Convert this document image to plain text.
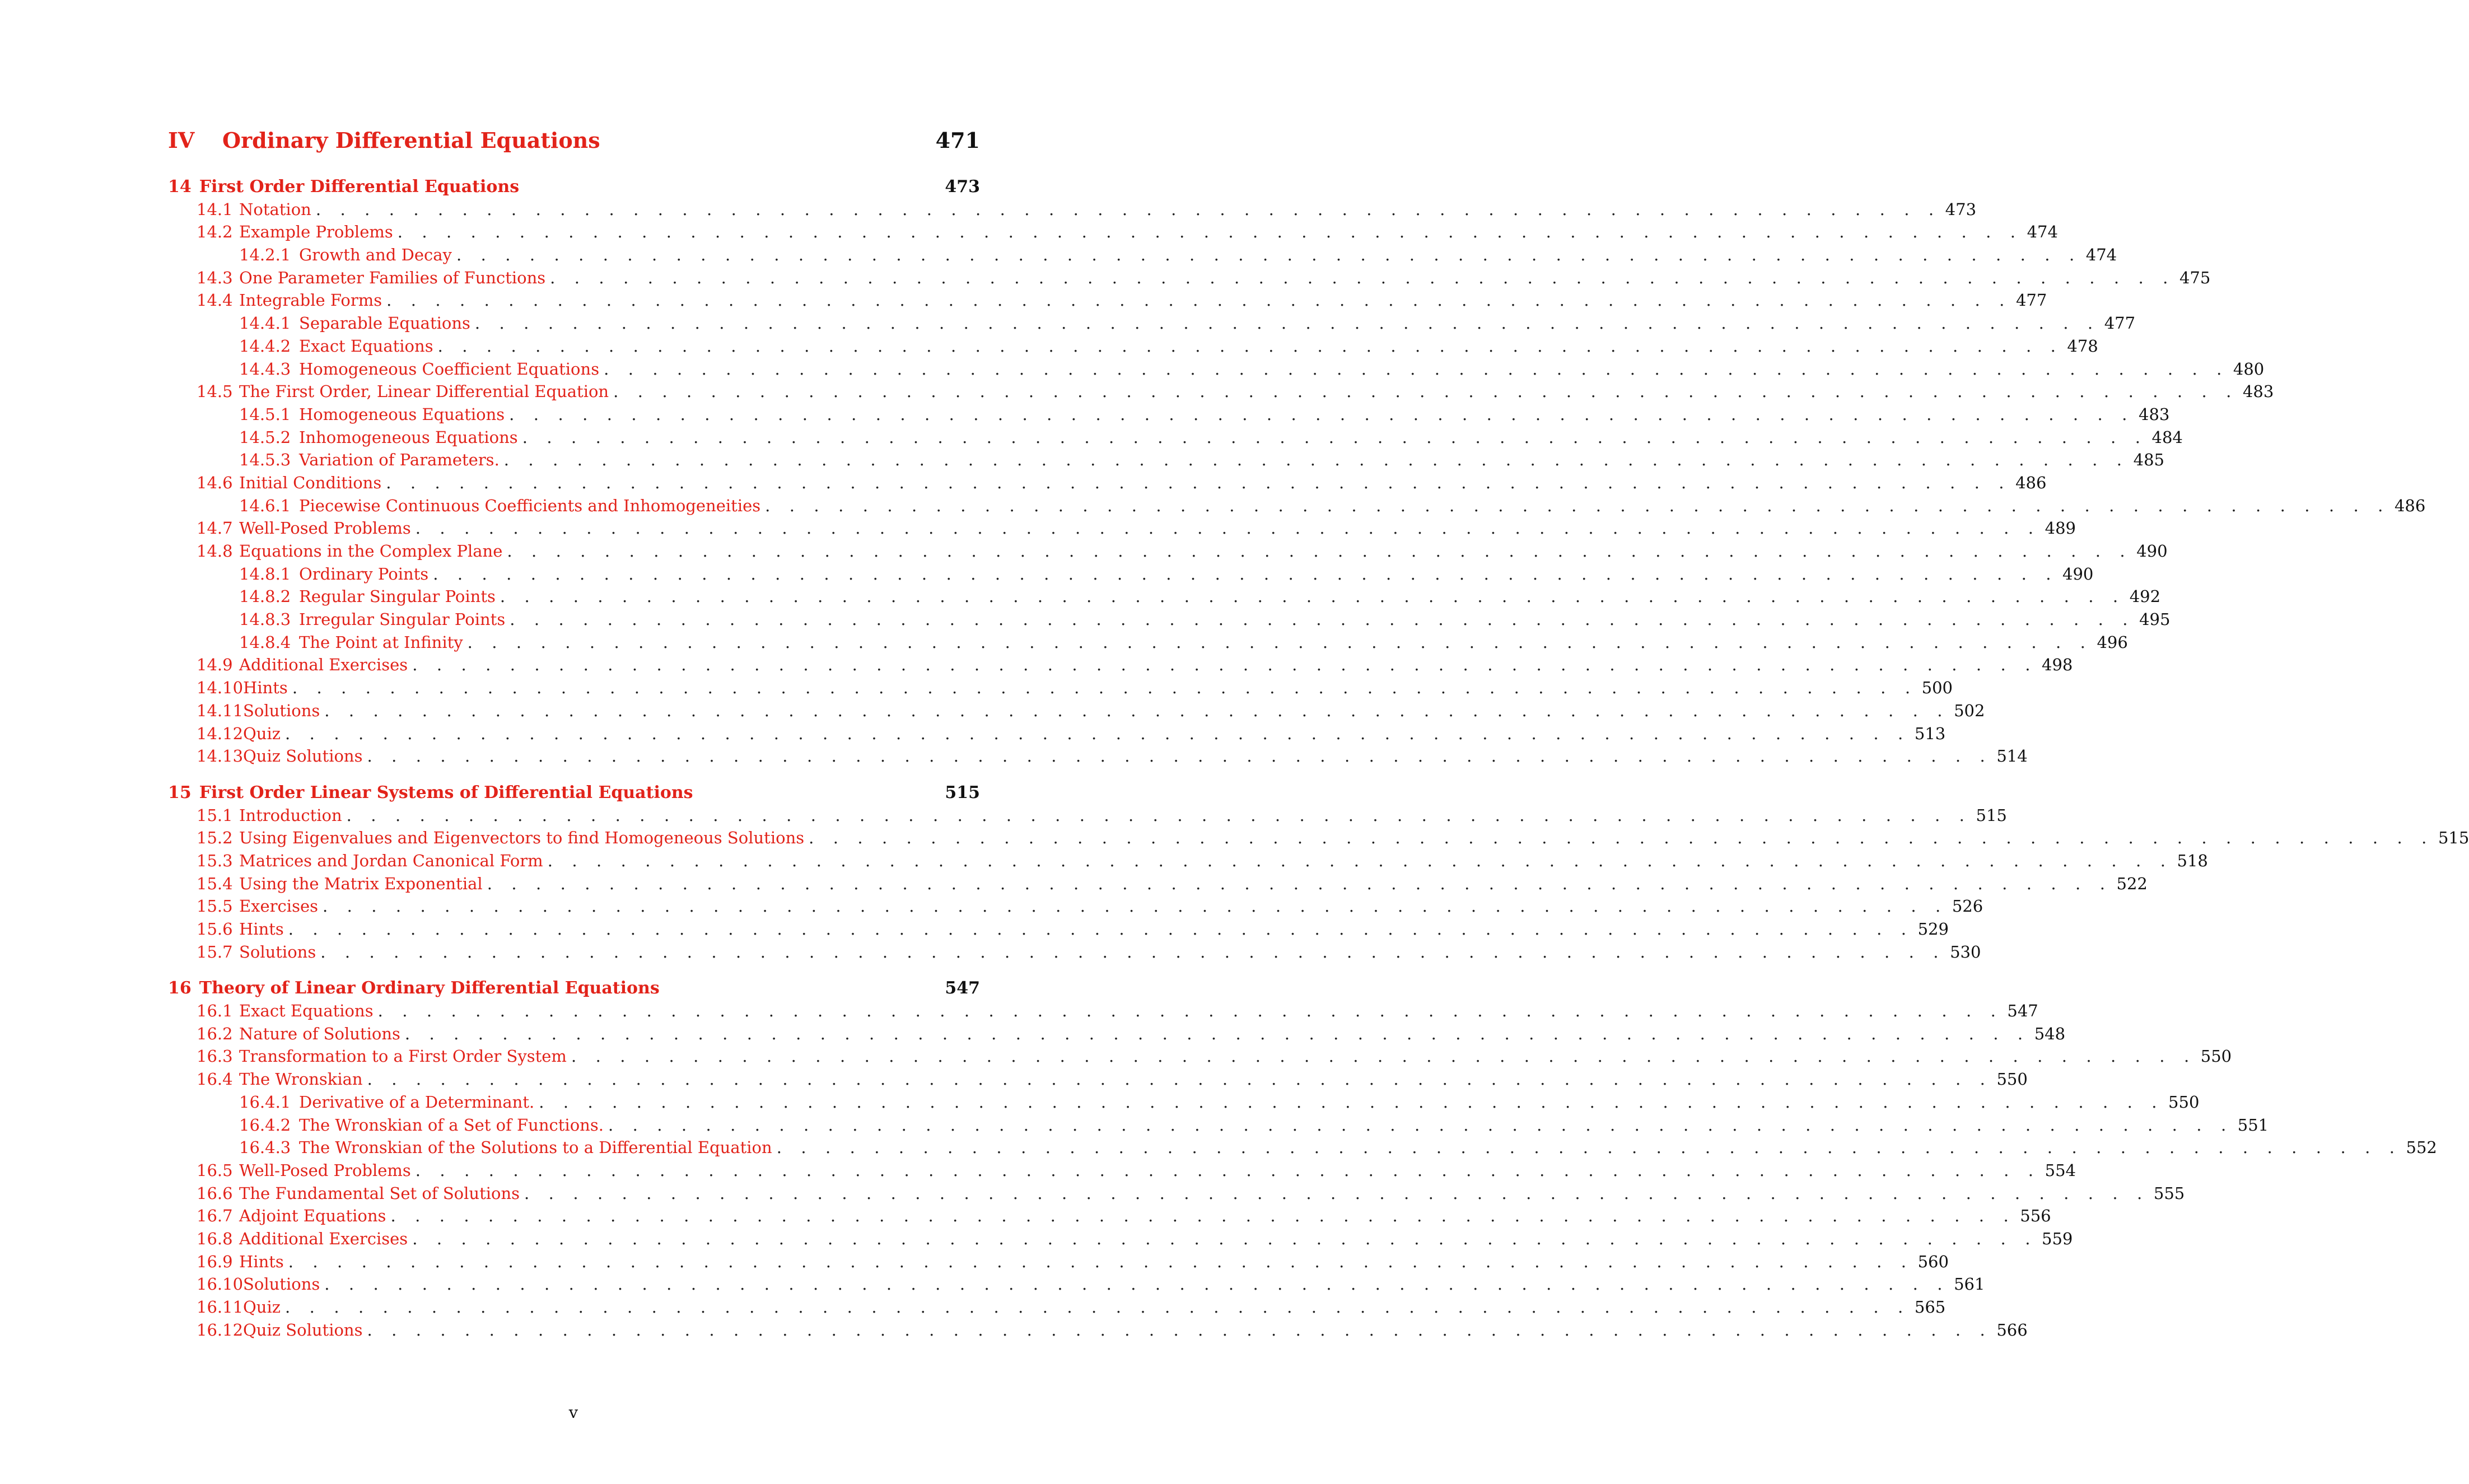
IV	Ordinary Differential Equations	471
14 First Order Differential Equations	473
14.1 Notation . . . . . . . . . . . . . . . . . . . . . . . . . . . . . . . . . . . . . . . . . . . . . . . . . . . . . . . . . . . . . . . . . . . 473
14.2 Example Problems . . . . . . . . . . . . . . . . . . . . . . . . . . . . . . . . . . . . . . . . . . . . . . . . . . . . . . . . . . . . . . . . . . . 474
14.2.1 Growth and Decay . . . . . . . . . . . . . . . . . . . . . . . . . . . . . . . . . . . . . . . . . . . . . . . . . . . . . . . . . . . . . . . . . . . 474
14.3 One Parameter Families of Functions . . . . . . . . . . . . . . . . . . . . . . . . . . . . . . . . . . . . . . . . . . . . . . . . . . . . . . . . . . . . . . . . . . . 475
14.4 Integrable Forms . . . . . . . . . . . . . . . . . . . . . . . . . . . . . . . . . . . . . . . . . . . . . . . . . . . . . . . . . . . . . . . . . . . 477
14.4.1 Separable Equations . . . . . . . . . . . . . . . . . . . . . . . . . . . . . . . . . . . . . . . . . . . . . . . . . . . . . . . . . . . . . . . . . . . 477
14.4.2 Exact Equations . . . . . . . . . . . . . . . . . . . . . . . . . . . . . . . . . . . . . . . . . . . . . . . . . . . . . . . . . . . . . . . . . . . 478
14.4.3 Homogeneous Coefficient Equations . . . . . . . . . . . . . . . . . . . . . . . . . . . . . . . . . . . . . . . . . . . . . . . . . . . . . . . . . . . . . . . . . . . 480
14.5 The First Order, Linear Differential Equation . . . . . . . . . . . . . . . . . . . . . . . . . . . . . . . . . . . . . . . . . . . . . . . . . . . . . . . . . . . . . . . . . . . 483
14.5.1 Homogeneous Equations . . . . . . . . . . . . . . . . . . . . . . . . . . . . . . . . . . . . . . . . . . . . . . . . . . . . . . . . . . . . . . . . . . . 483
14.5.2 Inhomogeneous Equations . . . . . . . . . . . . . . . . . . . . . . . . . . . . . . . . . . . . . . . . . . . . . . . . . . . . . . . . . . . . . . . . . . . 484
14.5.3 Variation of Parameters. . . . . . . . . . . . . . . . . . . . . . . . . . . . . . . . . . . . . . . . . . . . . . . . . . . . . . . . . . . . . . . . . . . . 485
14.6 Initial Conditions . . . . . . . . . . . . . . . . . . . . . . . . . . . . . . . . . . . . . . . . . . . . . . . . . . . . . . . . . . . . . . . . . . . 486
14.6.1 Piecewise Continuous Coefficients and Inhomogeneities . . . . . . . . . . . . . . . . . . . . . . . . . . . . . . . . . . . . . . . . . . . . . . . . . . . . . . . . . . . . . . . . . . . 486
14.7 Well-Posed Problems . . . . . . . . . . . . . . . . . . . . . . . . . . . . . . . . . . . . . . . . . . . . . . . . . . . . . . . . . . . . . . . . . . . 489
14.8 Equations in the Complex Plane . . . . . . . . . . . . . . . . . . . . . . . . . . . . . . . . . . . . . . . . . . . . . . . . . . . . . . . . . . . . . . . . . . . 490
14.8.1 Ordinary Points . . . . . . . . . . . . . . . . . . . . . . . . . . . . . . . . . . . . . . . . . . . . . . . . . . . . . . . . . . . . . . . . . . . 490
14.8.2 Regular Singular Points . . . . . . . . . . . . . . . . . . . . . . . . . . . . . . . . . . . . . . . . . . . . . . . . . . . . . . . . . . . . . . . . . . . 492
14.8.3 Irregular Singular Points . . . . . . . . . . . . . . . . . . . . . . . . . . . . . . . . . . . . . . . . . . . . . . . . . . . . . . . . . . . . . . . . . . . 495
14.8.4 The Point at Infinity . . . . . . . . . . . . . . . . . . . . . . . . . . . . . . . . . . . . . . . . . . . . . . . . . . . . . . . . . . . . . . . . . . . 496
14.9 Additional Exercises . . . . . . . . . . . . . . . . . . . . . . . . . . . . . . . . . . . . . . . . . . . . . . . . . . . . . . . . . . . . . . . . . . . 498
14.10 Hints . . . . . . . . . . . . . . . . . . . . . . . . . . . . . . . . . . . . . . . . . . . . . . . . . . . . . . . . . . . . . . . . . . . 500
14.11 Solutions . . . . . . . . . . . . . . . . . . . . . . . . . . . . . . . . . . . . . . . . . . . . . . . . . . . . . . . . . . . . . . . . . . . 502
14.12 Quiz . . . . . . . . . . . . . . . . . . . . . . . . . . . . . . . . . . . . . . . . . . . . . . . . . . . . . . . . . . . . . . . . . . . 513
14.13 Quiz Solutions . . . . . . . . . . . . . . . . . . . . . . . . . . . . . . . . . . . . . . . . . . . . . . . . . . . . . . . . . . . . . . . . . . . 514
15 First Order Linear Systems of Differential Equations	515
15.1 Introduction . . . . . . . . . . . . . . . . . . . . . . . . . . . . . . . . . . . . . . . . . . . . . . . . . . . . . . . . . . . . . . . . . . . 515
15.2 Using Eigenvalues and Eigenvectors to find Homogeneous Solutions . . . . . . . . . . . . . . . . . . . . . . . . . . . . . . . . . . . . . . . . . . . . . . . . . . . . . . . . . . . . . . . . . . . 515
15.3 Matrices and Jordan Canonical Form . . . . . . . . . . . . . . . . . . . . . . . . . . . . . . . . . . . . . . . . . . . . . . . . . . . . . . . . . . . . . . . . . . . 518
15.4 Using the Matrix Exponential . . . . . . . . . . . . . . . . . . . . . . . . . . . . . . . . . . . . . . . . . . . . . . . . . . . . . . . . . . . . . . . . . . . 522
15.5 Exercises . . . . . . . . . . . . . . . . . . . . . . . . . . . . . . . . . . . . . . . . . . . . . . . . . . . . . . . . . . . . . . . . . . . 526
15.6 Hints . . . . . . . . . . . . . . . . . . . . . . . . . . . . . . . . . . . . . . . . . . . . . . . . . . . . . . . . . . . . . . . . . . . 529
15.7 Solutions . . . . . . . . . . . . . . . . . . . . . . . . . . . . . . . . . . . . . . . . . . . . . . . . . . . . . . . . . . . . . . . . . . . 530
16 Theory of Linear Ordinary Differential Equations	547
16.1 Exact Equations . . . . . . . . . . . . . . . . . . . . . . . . . . . . . . . . . . . . . . . . . . . . . . . . . . . . . . . . . . . . . . . . . . . 547
16.2 Nature of Solutions . . . . . . . . . . . . . . . . . . . . . . . . . . . . . . . . . . . . . . . . . . . . . . . . . . . . . . . . . . . . . . . . . . . 548
16.3 Transformation to a First Order System . . . . . . . . . . . . . . . . . . . . . . . . . . . . . . . . . . . . . . . . . . . . . . . . . . . . . . . . . . . . . . . . . . . 550
16.4 The Wronskian . . . . . . . . . . . . . . . . . . . . . . . . . . . . . . . . . . . . . . . . . . . . . . . . . . . . . . . . . . . . . . . . . . . 550
16.4.1 Derivative of a Determinant. . . . . . . . . . . . . . . . . . . . . . . . . . . . . . . . . . . . . . . . . . . . . . . . . . . . . . . . . . . . . . . . . . . . 550
16.4.2 The Wronskian of a Set of Functions. . . . . . . . . . . . . . . . . . . . . . . . . . . . . . . . . . . . . . . . . . . . . . . . . . . . . . . . . . . . . . . . . . . . 551
16.4.3 The Wronskian of the Solutions to a Differential Equation . . . . . . . . . . . . . . . . . . . . . . . . . . . . . . . . . . . . . . . . . . . . . . . . . . . . . . . . . . . . . . . . . . . 552
16.5 Well-Posed Problems . . . . . . . . . . . . . . . . . . . . . . . . . . . . . . . . . . . . . . . . . . . . . . . . . . . . . . . . . . . . . . . . . . . 554
16.6 The Fundamental Set of Solutions . . . . . . . . . . . . . . . . . . . . . . . . . . . . . . . . . . . . . . . . . . . . . . . . . . . . . . . . . . . . . . . . . . . 555
16.7 Adjoint Equations . . . . . . . . . . . . . . . . . . . . . . . . . . . . . . . . . . . . . . . . . . . . . . . . . . . . . . . . . . . . . . . . . . . 556
16.8 Additional Exercises . . . . . . . . . . . . . . . . . . . . . . . . . . . . . . . . . . . . . . . . . . . . . . . . . . . . . . . . . . . . . . . . . . . 559
16.9 Hints . . . . . . . . . . . . . . . . . . . . . . . . . . . . . . . . . . . . . . . . . . . . . . . . . . . . . . . . . . . . . . . . . . . 560
16.10 Solutions . . . . . . . . . . . . . . . . . . . . . . . . . . . . . . . . . . . . . . . . . . . . . . . . . . . . . . . . . . . . . . . . . . . 561
16.11 Quiz . . . . . . . . . . . . . . . . . . . . . . . . . . . . . . . . . . . . . . . . . . . . . . . . . . . . . . . . . . . . . . . . . . . 565
16.12 Quiz Solutions . . . . . . . . . . . . . . . . . . . . . . . . . . . . . . . . . . . . . . . . . . . . . . . . . . . . . . . . . . . . . . . . . . . 566
v
